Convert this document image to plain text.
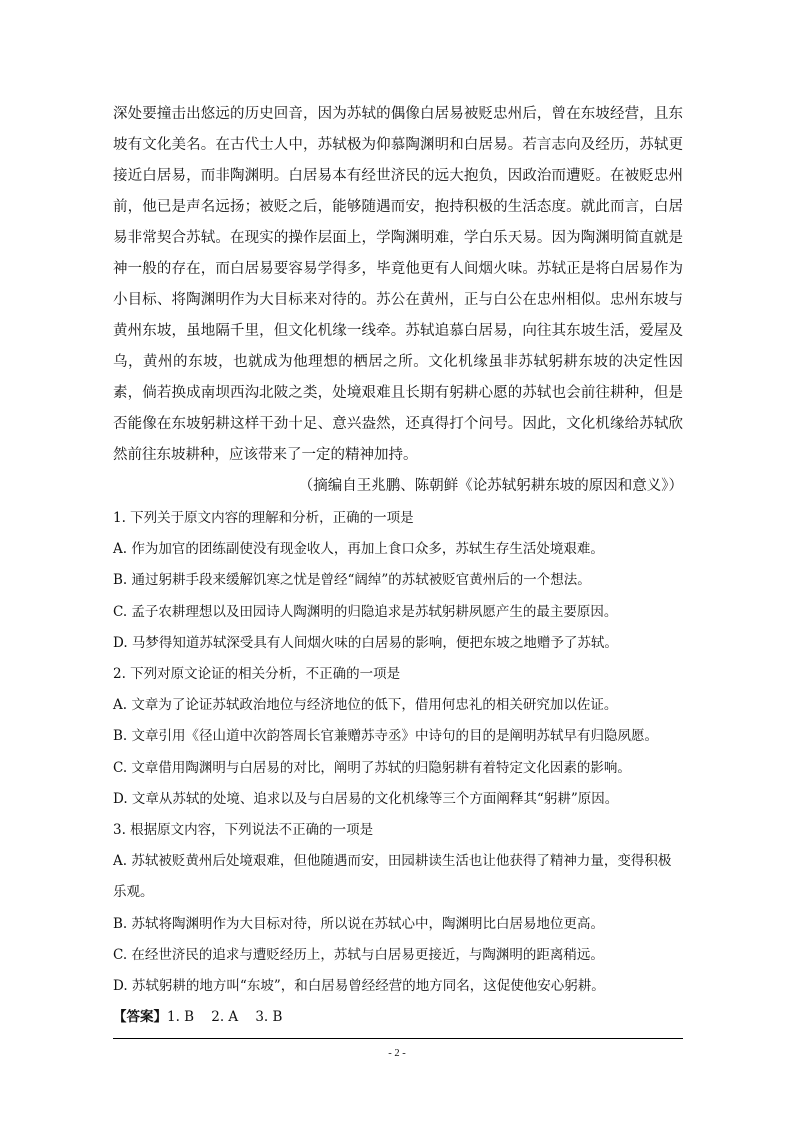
深处要撞击出悠远的历史回音，因为苏轼的偶像白居易被贬忠州后，曾在东坡经营，且东坡有文化美名。在古代士人中，苏轼极为仰慕陶渊明和白居易。若言志向及经历，苏轼更接近白居易，而非陶渊明。白居易本有经世济民的远大抱负，因政治而遭贬。在被贬忠州前，他已是声名远扬；被贬之后，能够随遇而安，抱持积极的生活态度。就此而言，白居易非常契合苏轼。在现实的操作层面上，学陶渊明难，学白乐天易。因为陶渊明简直就是神一般的存在，而白居易要容易学得多，毕竟他更有人间烟火味。苏轼正是将白居易作为小目标、将陶渊明作为大目标来对待的。苏公在黄州，正与白公在忠州相似。忠州东坡与黄州东坡，虽地隔千里，但文化机缘一线牵。苏轼追慕白居易，向往其东坡生活，爱屋及乌，黄州的东坡，也就成为他理想的栖居之所。文化机缘虽非苏轼躬耕东坡的决定性因素，倘若换成南坝西沟北陂之类，处境艰难且长期有躬耕心愿的苏轼也会前往耕种，但是否能像在东坡躬耕这样干劲十足、意兴盎然，还真得打个问号。因此，文化机缘给苏轼欣然前往东坡耕种，应该带来了一定的精神加持。

（摘编自王兆鹏、陈朝鲜《论苏轼躬耕东坡的原因和意义》）
1. 下列关于原文内容的理解和分析，正确的一项是
A. 作为加官的团练副使没有现金收人，再加上食口众多，苏轼生存生活处境艰难。
B. 通过躬耕手段来缓解饥寒之忧是曾经“阔绰”的苏轼被贬官黄州后的一个想法。
C. 孟子农耕理想以及田园诗人陶渊明的归隐追求是苏轼躬耕夙愿产生的最主要原因。
D. 马梦得知道苏轼深受具有人间烟火味的白居易的影响，便把东坡之地赠予了苏轼。
2. 下列对原文论证的相关分析，不正确的一项是
A. 文章为了论证苏轼政治地位与经济地位的低下，借用何忠礼的相关研究加以佐证。
B. 文章引用《径山道中次韵答周长官兼赠苏寺丞》中诗句的目的是阐明苏轼早有归隐夙愿。
C. 文章借用陶渊明与白居易的对比，阐明了苏轼的归隐躬耕有着特定文化因素的影响。
D. 文章从苏轼的处境、追求以及与白居易的文化机缘等三个方面阐释其“躬耕”原因。
3. 根据原文内容，下列说法不正确的一项是
A. 苏轼被贬黄州后处境艰难，但他随遇而安，田园耕读生活也让他获得了精神力量，变得积极乐观。
B. 苏轼将陶渊明作为大目标对待，所以说在苏轼心中，陶渊明比白居易地位更高。
C. 在经世济民的追求与遭贬经历上，苏轼与白居易更接近，与陶渊明的距离稍远。
D. 苏轼躬耕的地方叫“东坡”，和白居易曾经经营的地方同名，这促使他安心躬耕。
【答案】1. B    2. A    3. B
- 2 -
